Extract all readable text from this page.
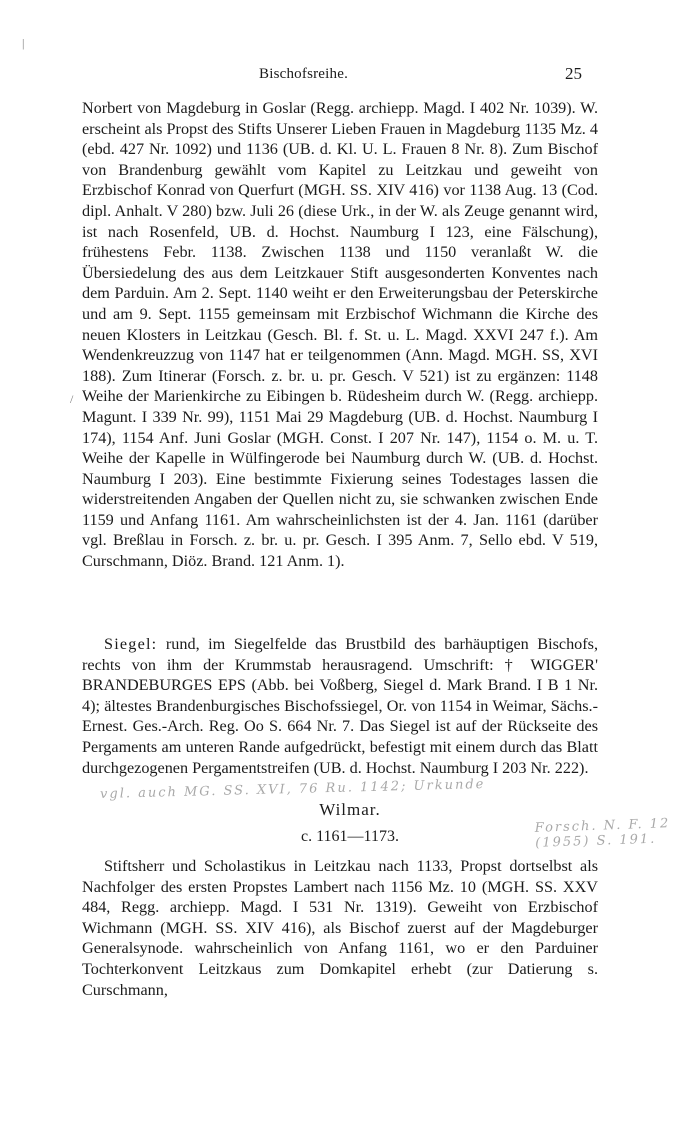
|
Bischofsreihe.	25
Norbert von Magdeburg in Goslar (Regg. archiepp. Magd. I 402 Nr. 1039). W. erscheint als Propst des Stifts Unserer Lieben Frauen in Magdeburg 1135 Mz. 4 (ebd. 427 Nr. 1092) und 1136 (UB. d. Kl. U. L. Frauen 8 Nr. 8). Zum Bischof von Brandenburg gewählt vom Kapitel zu Leitzkau und geweiht von Erzbischof Konrad von Querfurt (MGH. SS. XIV 416) vor 1138 Aug. 13 (Cod. dipl. Anhalt. V 280) bzw. Juli 26 (diese Urk., in der W. als Zeuge genannt wird, ist nach Rosenfeld, UB. d. Hochst. Naumburg I 123, eine Fälschung), frühestens Febr. 1138. Zwischen 1138 und 1150 veranlaßt W. die Übersiedelung des aus dem Leitzkauer Stift ausgesonderten Konventes nach dem Parduin. Am 2. Sept. 1140 weiht er den Erweiterungsbau der Peterskirche und am 9. Sept. 1155 gemeinsam mit Erzbischof Wichmann die Kirche des neuen Klosters in Leitzkau (Gesch. Bl. f. St. u. L. Magd. XXVI 247 f.). Am Wendenkreuzzug von 1147 hat er teilgenommen (Ann. Magd. MGH. SS, XVI 188). Zum Itinerar (Forsch. z. br. u. pr. Gesch. V 521) ist zu ergänzen: 1148 Weihe der Marienkirche zu Eibingen b. Rüdesheim durch W. (Regg. archiepp. Magunt. I 339 Nr. 99), 1151 Mai 29 Magdeburg (UB. d. Hochst. Naumburg I 174), 1154 Anf. Juni Goslar (MGH. Const. I 207 Nr. 147), 1154 o. M. u. T. Weihe der Kapelle in Wülfingerode bei Naumburg durch W. (UB. d. Hochst. Naumburg I 203). Eine bestimmte Fixierung seines Todestages lassen die widerstreitenden Angaben der Quellen nicht zu, sie schwanken zwischen Ende 1159 und Anfang 1161. Am wahrscheinlichsten ist der 4. Jan. 1161 (darüber vgl. Breßlau in Forsch. z. br. u. pr. Gesch. I 395 Anm. 7, Sello ebd. V 519, Curschmann, Diöz. Brand. 121 Anm. 1).
/
Siegel: rund, im Siegelfelde das Brustbild des barhäuptigen Bischofs, rechts von ihm der Krummstab herausragend. Umschrift: † WIGGER' BRANDEBURGES EPS (Abb. bei Voßberg, Siegel d. Mark Brand. I B 1 Nr. 4); ältestes Brandenburgisches Bischofssiegel, Or. von 1154 in Weimar, Sächs.-Ernest. Ges.-Arch. Reg. Oo S. 664 Nr. 7. Das Siegel ist auf der Rückseite des Pergaments am unteren Rande aufgedrückt, befestigt mit einem durch das Blatt durchgezogenen Pergamentstreifen (UB. d. Hochst. Naumburg I 203 Nr. 222).
vgl. auch MG. SS. XVI, 76 Ru. 1142; Urkunde
Forsch. N. F. 12 (1955) S. 191.
Wilmar.
c. 1161—1173.
Stiftsherr und Scholastikus in Leitzkau nach 1133, Propst dortselbst als Nachfolger des ersten Propstes Lambert nach 1156 Mz. 10 (MGH. SS. XXV 484, Regg. archiepp. Magd. I 531 Nr. 1319). Geweiht von Erzbischof Wichmann (MGH. SS. XIV 416), als Bischof zuerst auf der Magdeburger Generalsynode. wahrscheinlich von Anfang 1161, wo er den Parduiner Tochterkonvent Leitzkaus zum Domkapitel erhebt (zur Datierung s. Curschmann,
